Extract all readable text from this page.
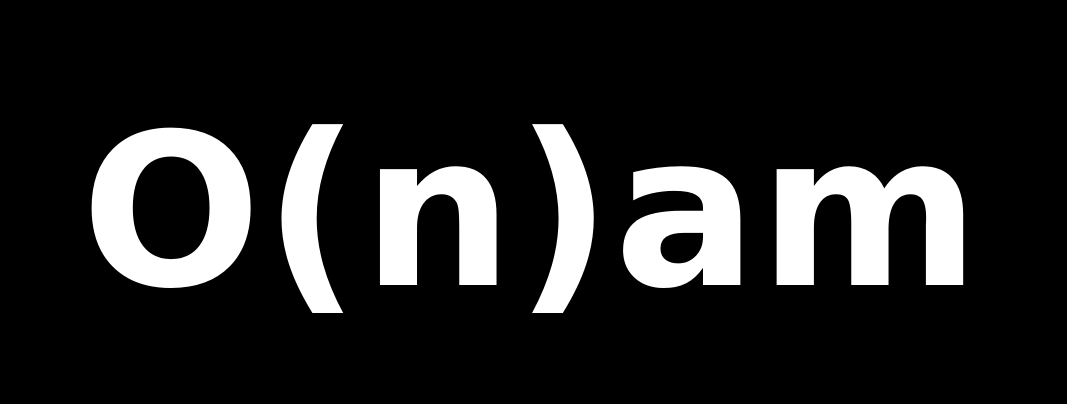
O(n)am
